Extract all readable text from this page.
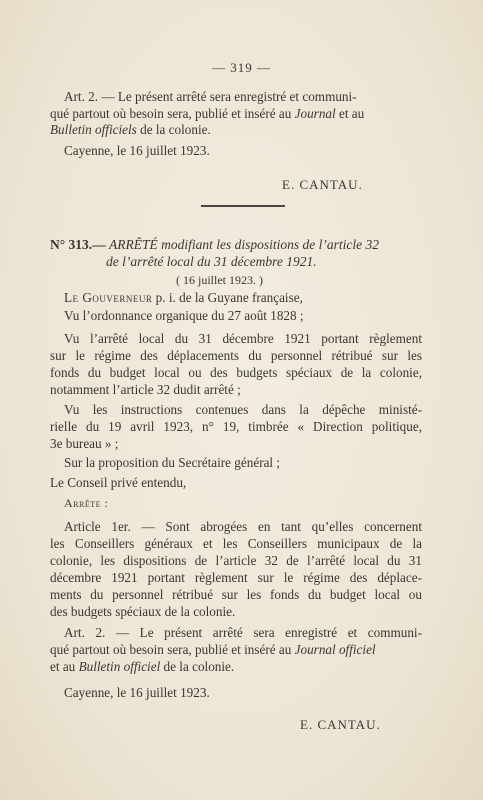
— 319 —
Art. 2. — Le présent arrêté sera enregistré et communi-
qué partout où besoin sera, publié et inséré au Journal et au
Bulletin officiels de la colonie.
Cayenne, le 16 juillet 1923.
E. CANTAU.
N° 313.— ARRÊTÉ modifiant les dispositions de l’article 32
de l’arrêté local du 31 décembre 1921.
( 16 juillet 1923. )
Le Gouverneur p. i. de la Guyane française,
Vu l’ordonnance organique du 27 août 1828 ;
Vu l’arrêté local du 31 décembre 1921 portant règlement
sur le régime des déplacements du personnel rétribué sur les
fonds du budget local ou des budgets spéciaux de la colonie,
notamment l’article 32 dudit arrêté ;
Vu les instructions contenues dans la dépêche ministé-
rielle du 19 avril 1923, n° 19, timbrée « Direction politique,
3e bureau » ;
Sur la proposition du Secrétaire général ;
Le Conseil privé entendu,
Arrête :
Article 1er. — Sont abrogées en tant qu’elles concernent
les Conseillers généraux et les Conseillers municipaux de la
colonie, les dispositions de l’article 32 de l’arrêté local du 31
décembre 1921 portant règlement sur le régime des déplace-
ments du personnel rétribué sur les fonds du budget local ou
des budgets spéciaux de la colonie.
Art. 2. — Le présent arrêté sera enregistré et communi-
qué partout où besoin sera, publié et inséré au Journal officiel
et au Bulletin officiel de la colonie.
Cayenne, le 16 juillet 1923.
E. CANTAU.
